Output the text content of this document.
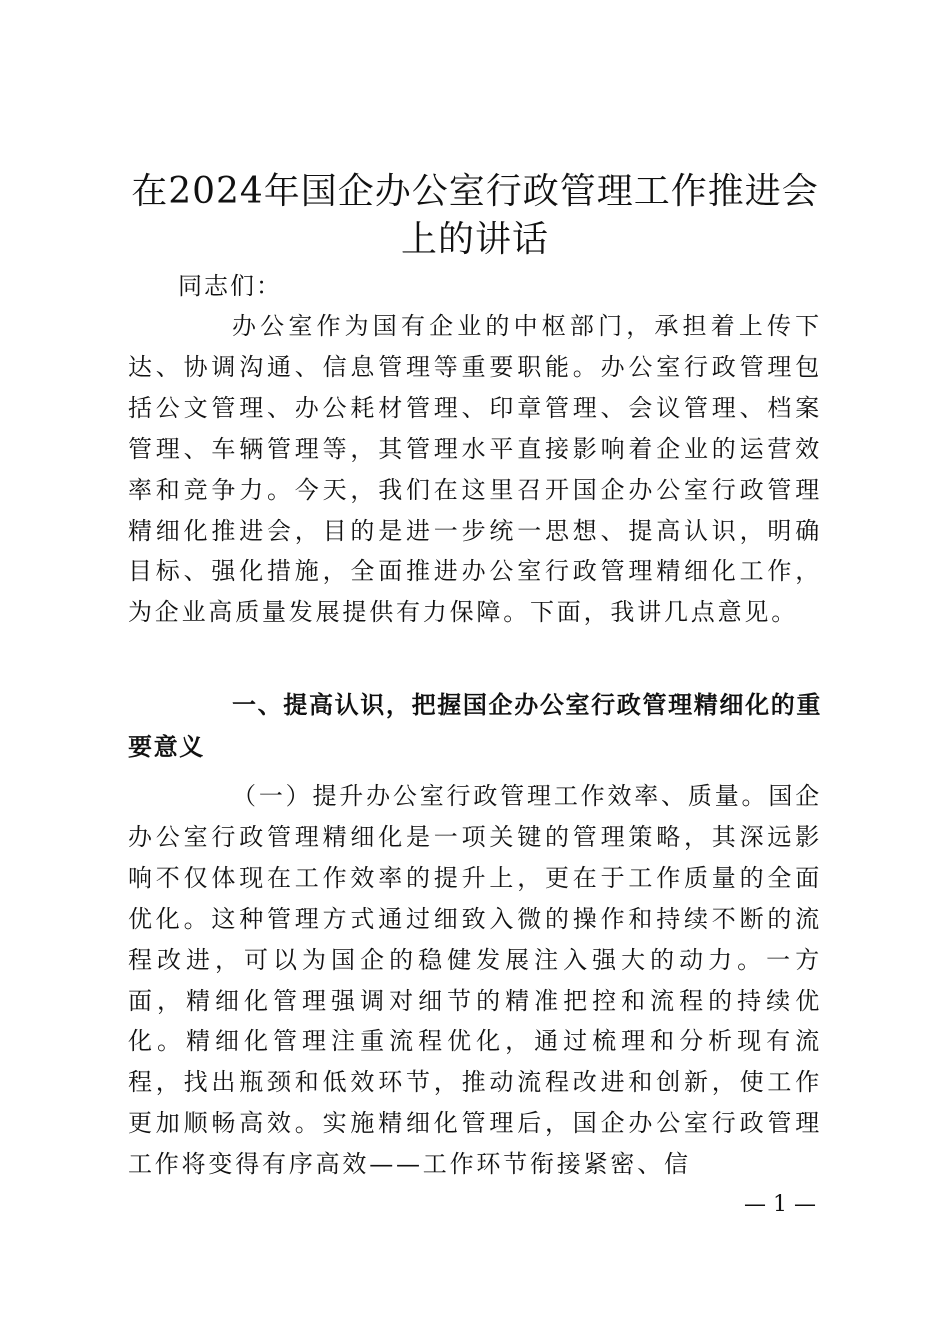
在2024年国企办公室行政管理工作推进会上的讲话
同志们：

办公室作为国有企业的中枢部门，承担着上传下达、协调沟通、信息管理等重要职能。办公室行政管理包括公文管理、办公耗材管理、印章管理、会议管理、档案管理、车辆管理等，其管理水平直接影响着企业的运营效率和竞争力。今天，我们在这里召开国企办公室行政管理精细化推进会，目的是进一步统一思想、提高认识，明确目标、强化措施，全面推进办公室行政管理精细化工作，为企业高质量发展提供有力保障。下面，我讲几点意见。

一、提高认识，把握国企办公室行政管理精细化的重要意义

（一）提升办公室行政管理工作效率、质量。国企办公室行政管理精细化是一项关键的管理策略，其深远影响不仅体现在工作效率的提升上，更在于工作质量的全面优化。这种管理方式通过细致入微的操作和持续不断的流程改进，可以为国企的稳健发展注入强大的动力。一方面，精细化管理强调对细节的精准把控和流程的持续优化。精细化管理注重流程优化，通过梳理和分析现有流程，找出瓶颈和低效环节，推动流程改进和创新，使工作更加顺畅高效。实施精细化管理后，国企办公室行政管理工作将变得有序高效——工作环节衔接紧密、信

— 1 —
